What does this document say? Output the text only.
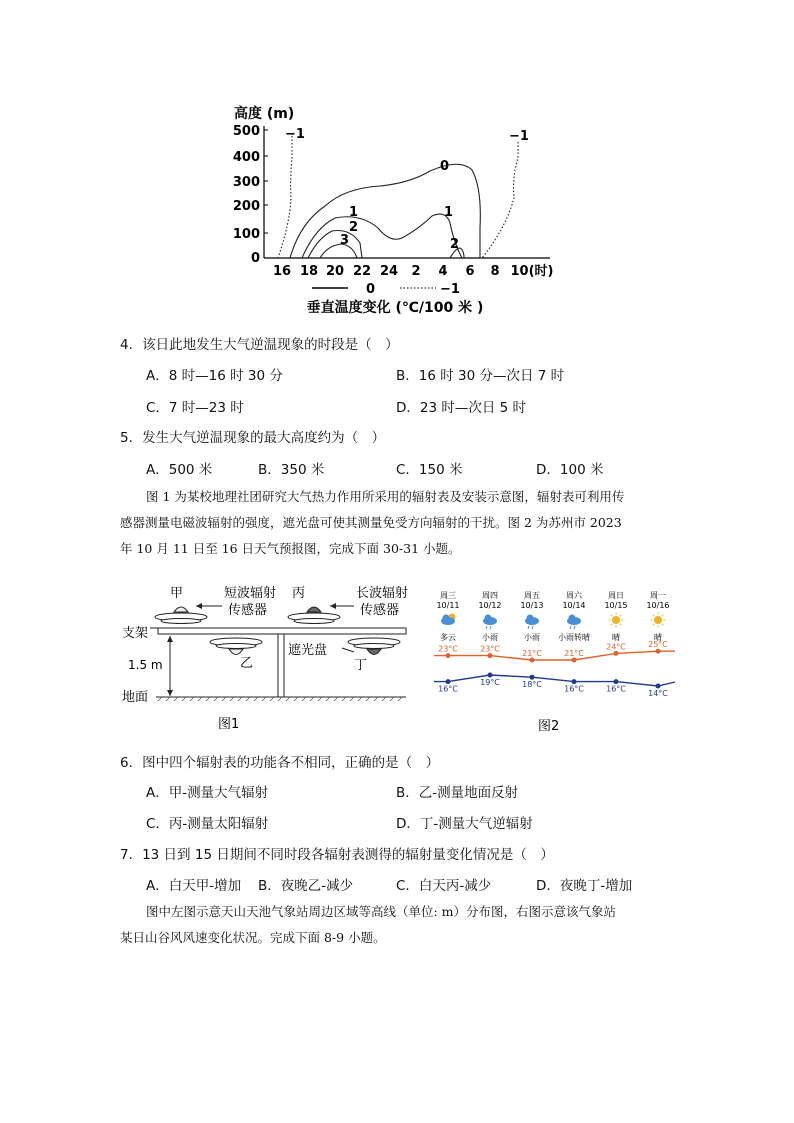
高度 (m)
500
400
300
200
100
0
16 18 20 22 24 2 4 6 8 10(时)
−1	−1
0
1	1
2
2
3
0	−1
垂直温度变化 (℃/100 米 )
4．该日此地发生大气逆温现象的时段是（　）
A．8 时—16 时 30 分	B．16 时 30 分—次日 7 时
C．7 时—23 时	D．23 时—次日 5 时
5．发生大气逆温现象的最大高度约为（　）
A．500 米	B．350 米	C．150 米	D．100 米
图 1 为某校地理社团研究大气热力作用所采用的辐射表及安装示意图，辐射表可利用传
感器测量电磁波辐射的强度，遮光盘可使其测量免受方向辐射的干扰。图 2 为苏州市 2023
年 10 月 11 日至 16 日天气预报图，完成下面 30-31 小题。
甲	短波辐射
传感器
丙	长波辐射
传感器
支架
乙	丁
遮光盘
1.5 m
地面
图1
周三
10/11
多云
周四
10/12
小雨
周五
10/13
小雨
周六
10/14
小雨转晴
周日
10/15
晴
周一
10/16
晴
23°C
16°C
23°C
19°C
21°C
18°C
21°C
16°C
24°C
16°C
25°C
14°C
图2
6．图中四个辐射表的功能各不相同，正确的是（　）
A．甲-测量大气辐射	B．乙-测量地面反射
C．丙-测量太阳辐射	D．丁-测量大气逆辐射
7．13 日到 15 日期间不同时段各辐射表测得的辐射量变化情况是（　）
A．白天甲-增加 B．夜晚乙-减少	C．白天丙-减少	D．夜晚丁-增加
图中左图示意天山天池气象站周边区域等高线（单位: m）分布图，右图示意该气象站
某日山谷风风速变化状况。完成下面 8-9 小题。
